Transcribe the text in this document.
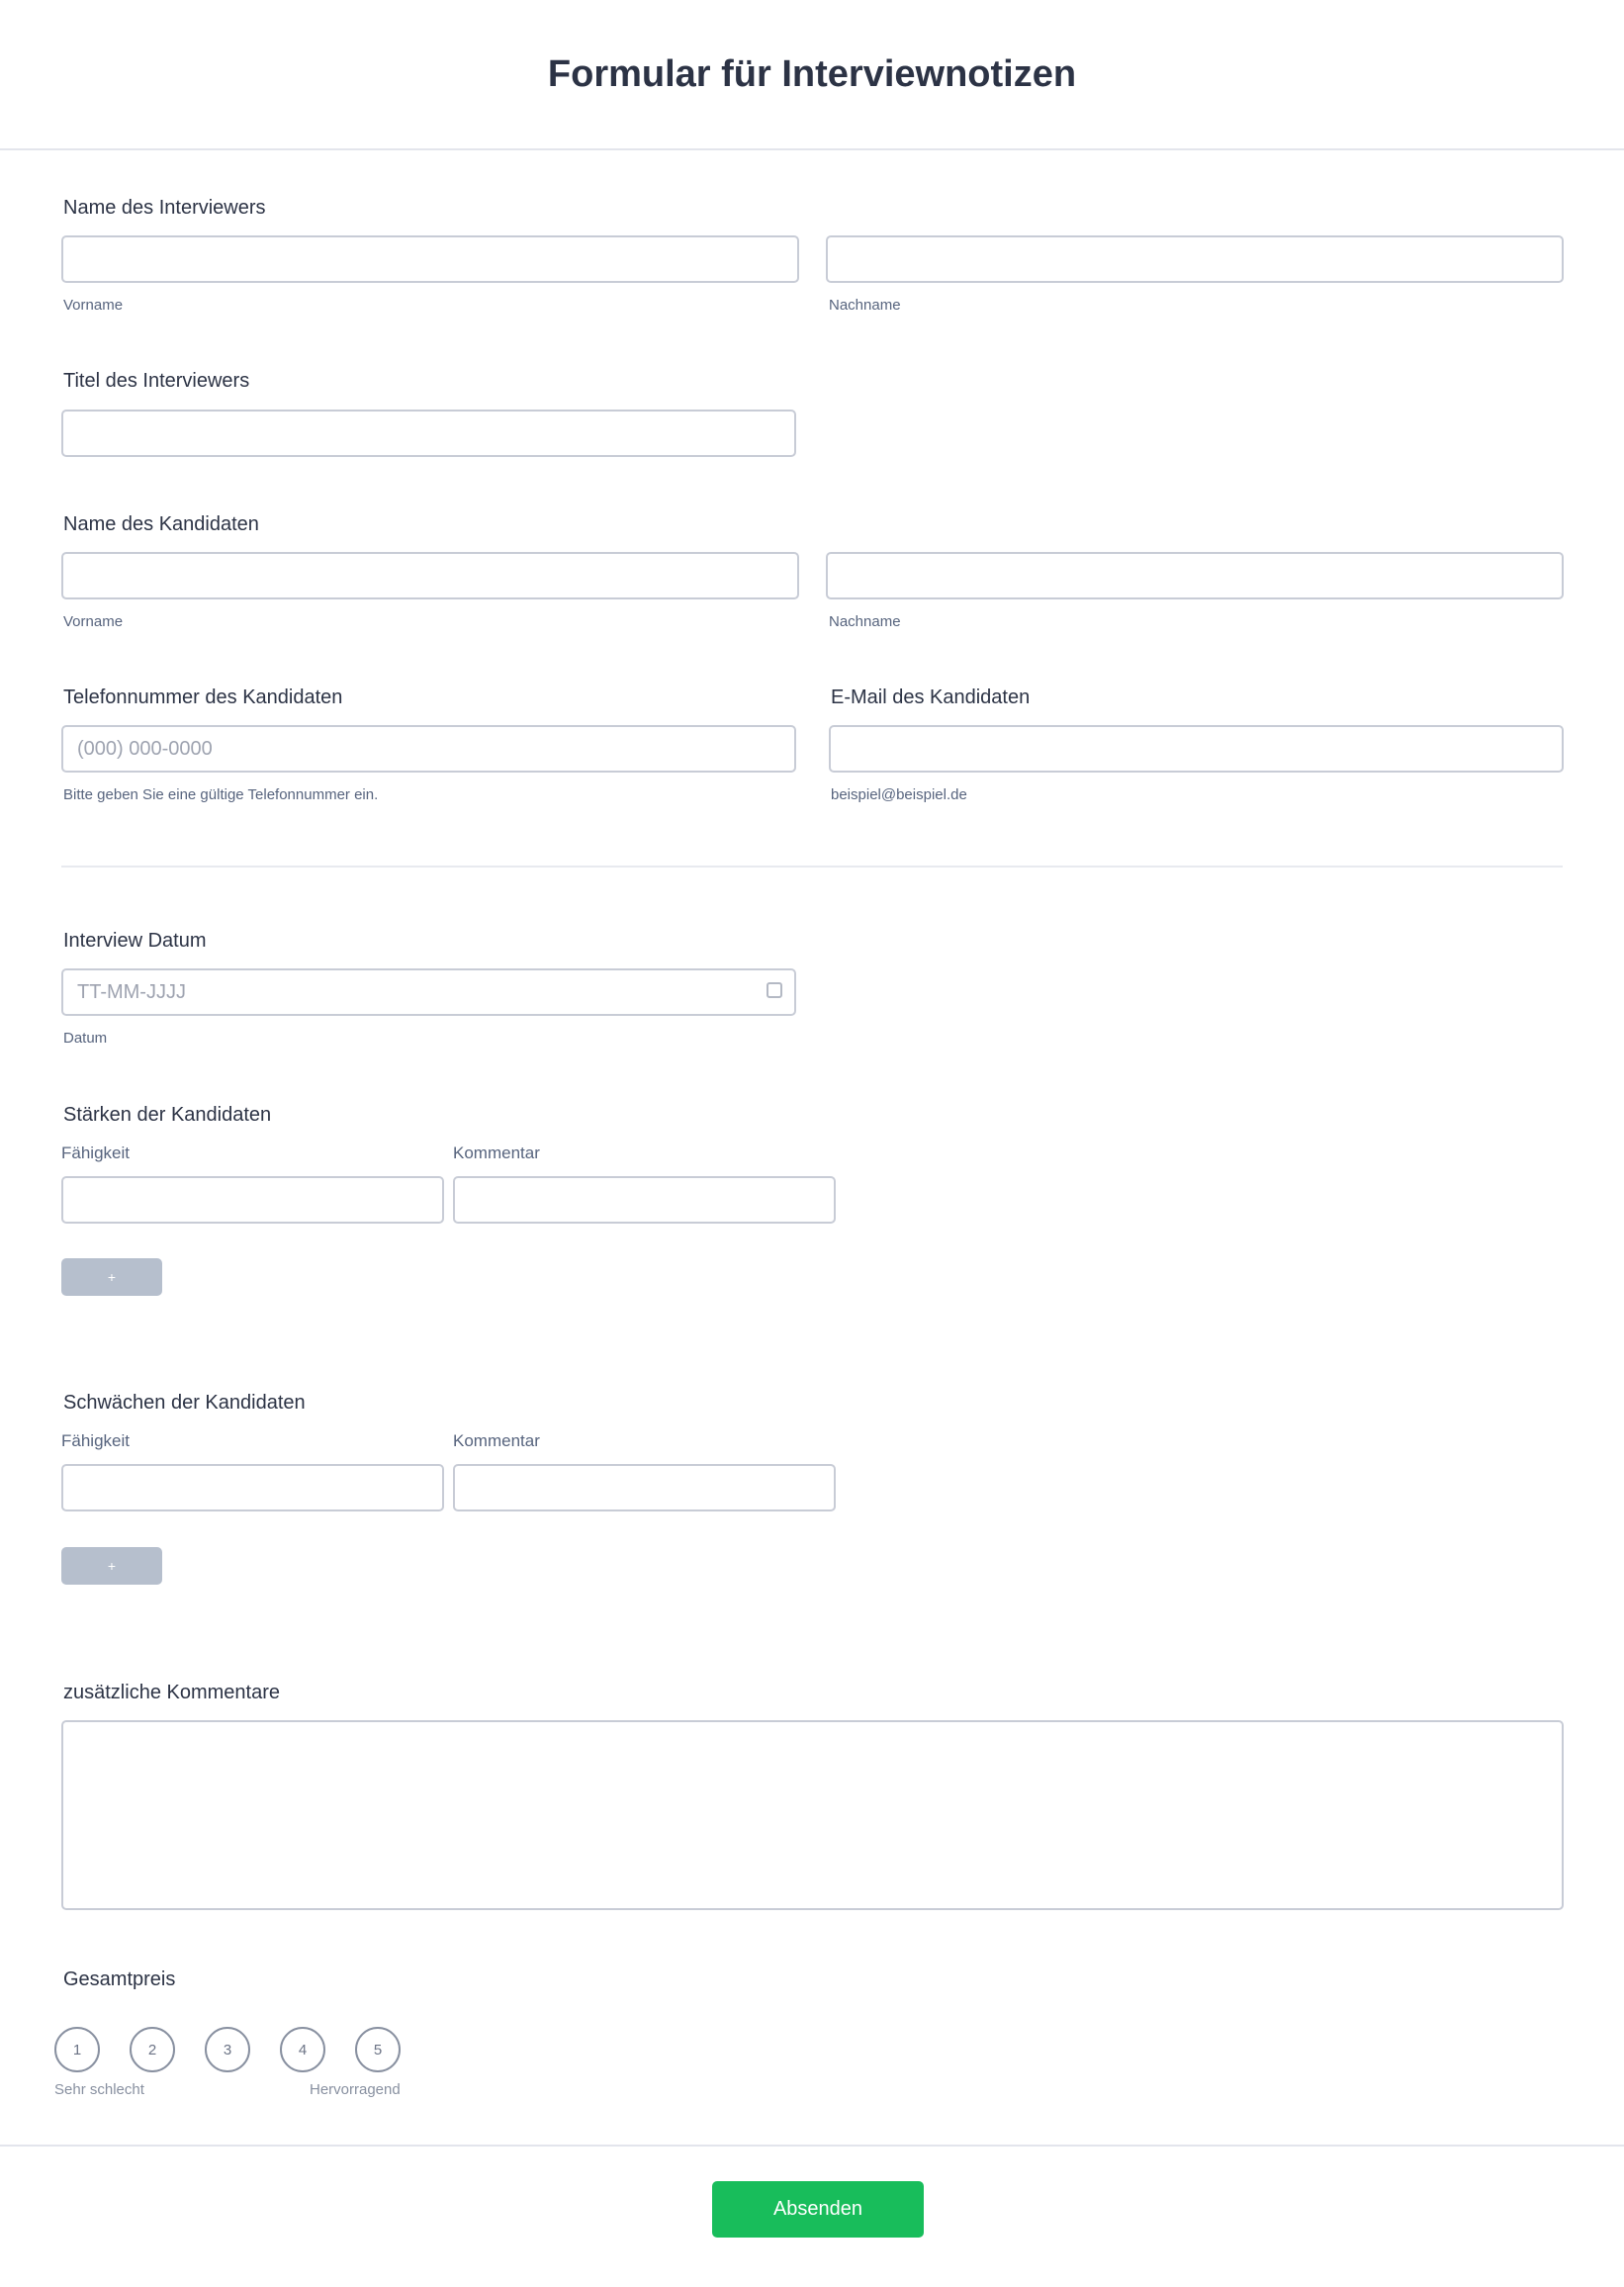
Formular für Interviewnotizen
Name des Interviewers
Vorname	Nachname
Titel des Interviewers
Name des Kandidaten
Vorname	Nachname
Telefonnummer des Kandidaten
(000) 000-0000
Bitte geben Sie eine gültige Telefonnummer ein.
E-Mail des Kandidaten
beispiel@beispiel.de
Interview Datum
TT-MM-JJJJ
Datum
Stärken der Kandidaten
Fähigkeit	Kommentar
+
Schwächen der Kandidaten
Fähigkeit	Kommentar
+
zusätzliche Kommentare
Gesamtpreis
1	2	3	4	5
Sehr schlecht	Hervorragend
Absenden
